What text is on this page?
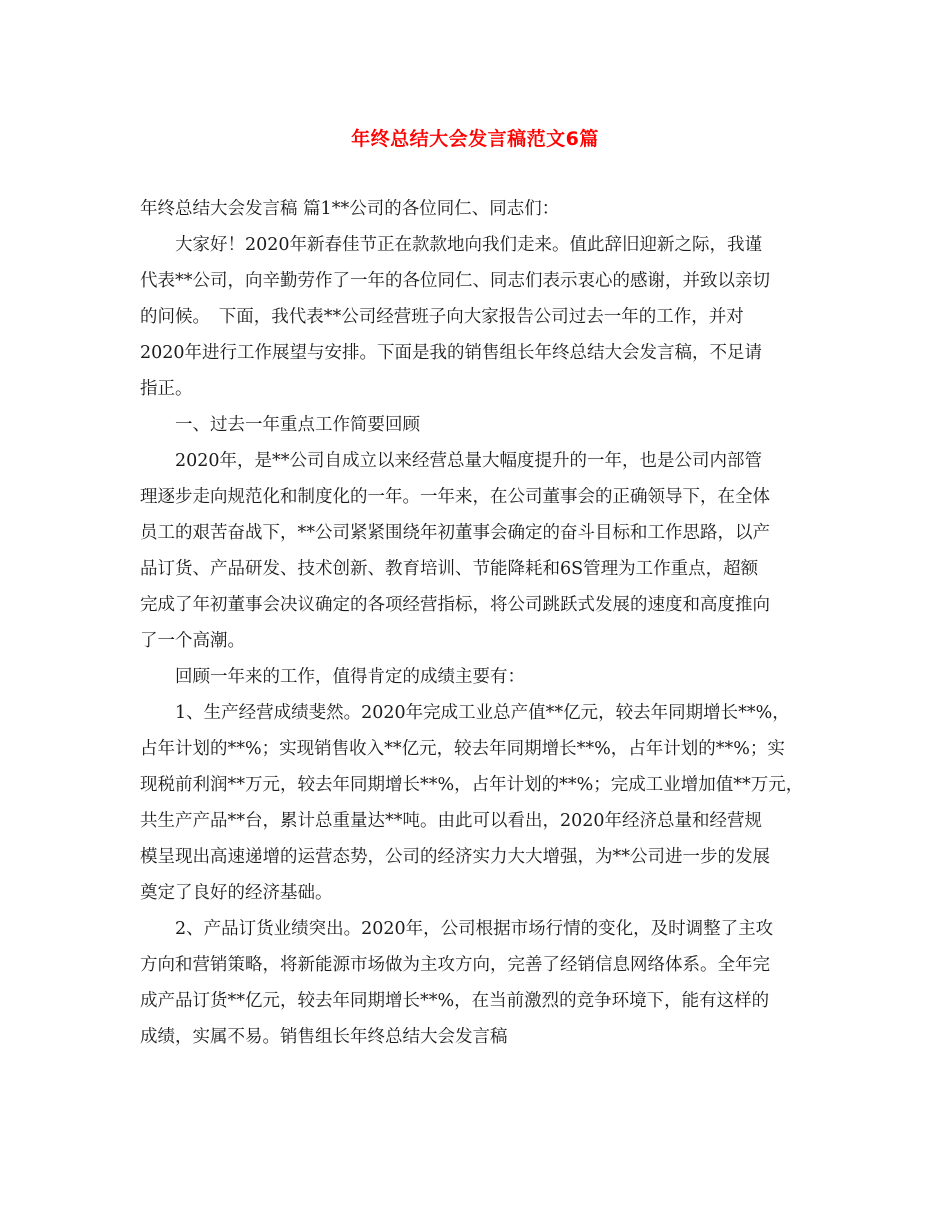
年终总结大会发言稿范文6篇

年终总结大会发言稿 篇1**公司的各位同仁、同志们：

大家好！2020年新春佳节正在款款地向我们走来。值此辞旧迎新之际，我谨

代表**公司，向辛勤劳作了一年的各位同仁、同志们表示衷心的感谢，并致以亲切

的问候。　下面，我代表**公司经营班子向大家报告公司过去一年的工作，并对

2020年进行工作展望与安排。下面是我的销售组长年终总结大会发言稿，不足请

指正。

一、过去一年重点工作简要回顾

2020年，是**公司自成立以来经营总量大幅度提升的一年，也是公司内部管

理逐步走向规范化和制度化的一年。一年来，在公司董事会的正确领导下，在全体

员工的艰苦奋战下，**公司紧紧围绕年初董事会确定的奋斗目标和工作思路，以产

品订货、产品研发、技术创新、教育培训、节能降耗和6S管理为工作重点，超额

完成了年初董事会决议确定的各项经营指标，将公司跳跃式发展的速度和高度推向

了一个高潮。

回顾一年来的工作，值得肯定的成绩主要有：

1、生产经营成绩斐然。2020年完成工业总产值**亿元，较去年同期增长**%，

占年计划的**%；实现销售收入**亿元，较去年同期增长**%，占年计划的**%；实

现税前利润**万元，较去年同期增长**%，占年计划的**%；完成工业增加值**万元，

共生产产品**台，累计总重量达**吨。由此可以看出，2020年经济总量和经营规

模呈现出高速递增的运营态势，公司的经济实力大大增强，为**公司进一步的发展

奠定了良好的经济基础。

2、产品订货业绩突出。2020年，公司根据市场行情的变化，及时调整了主攻

方向和营销策略，将新能源市场做为主攻方向，完善了经销信息网络体系。全年完

成产品订货**亿元，较去年同期增长**%，在当前激烈的竞争环境下，能有这样的

成绩，实属不易。销售组长年终总结大会发言稿
